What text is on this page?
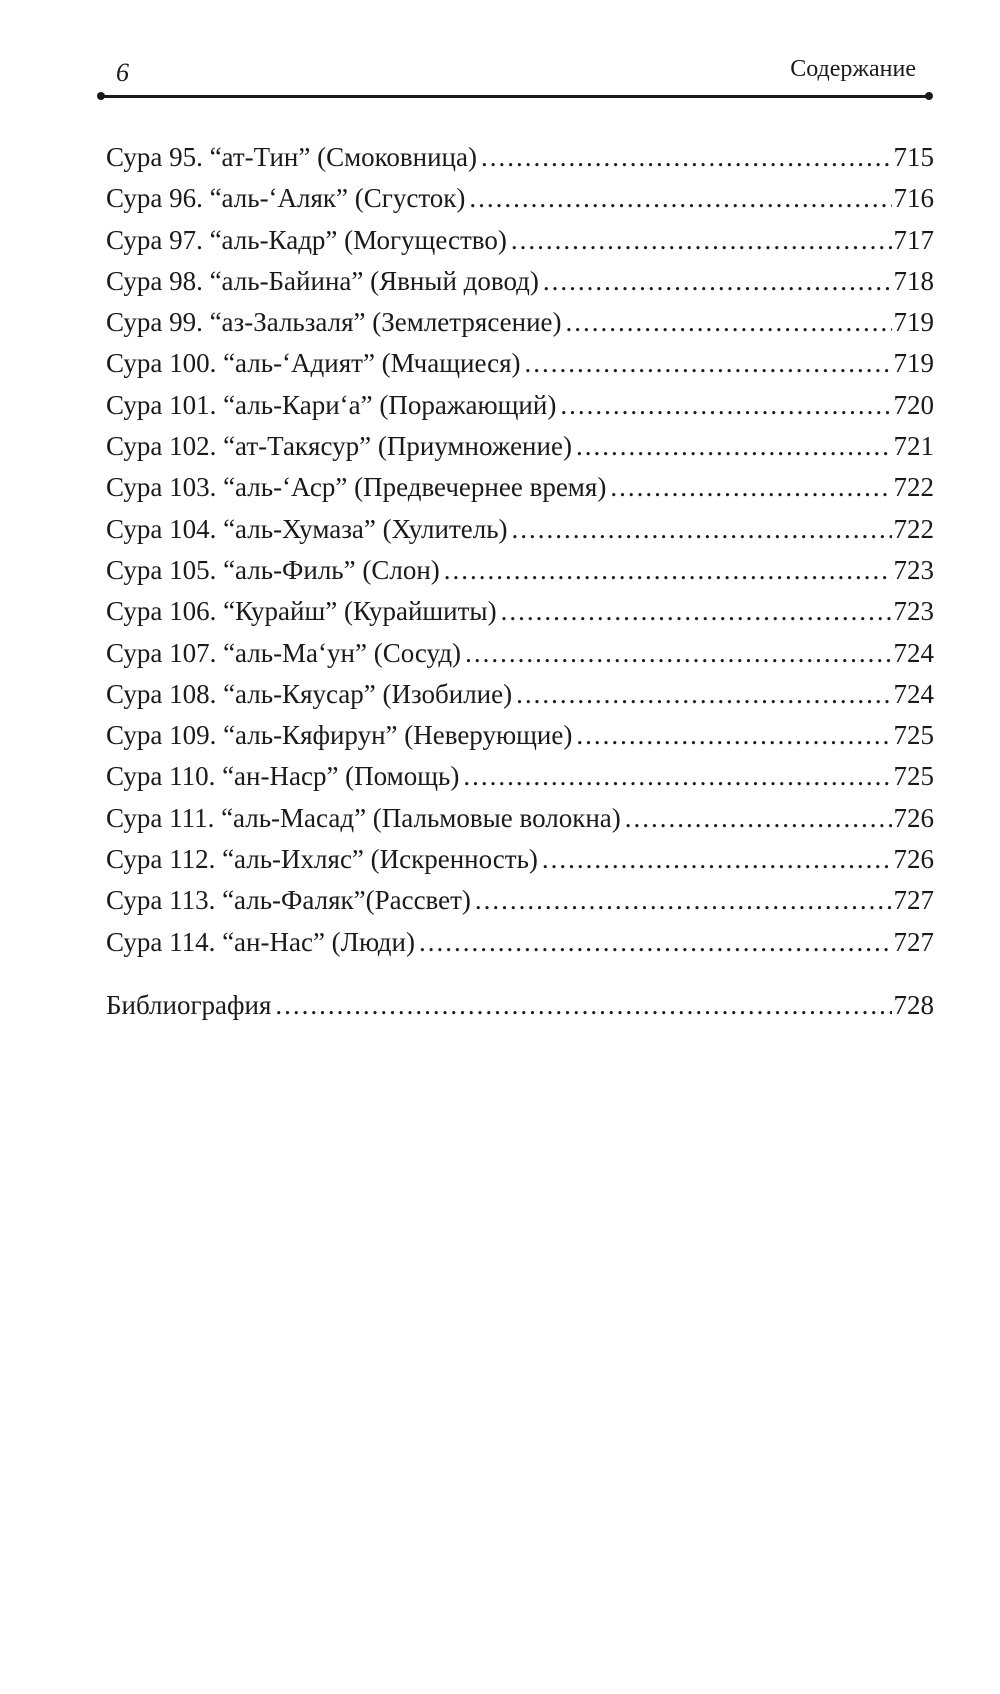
6	Содержание
Сура 95. “ат-Тин” (Смоковница) .....	715
Сура 96. “аль-‘Аляк” (Сгусток) .....	716
Сура 97. “аль-Кадр” (Могущество) .....	717
Сура 98. “аль-Байина” (Явный довод) .....	718
Сура 99. “аз-Зальзаля” (Землетрясение) .....	719
Сура 100. “аль-‘Адият” (Мчащиеся) .....	719
Сура 101. “аль-Кари‘а” (Поражающий) .....	720
Сура 102. “ат-Такясур” (Приумножение) .....	721
Сура 103. “аль-‘Аср” (Предвечернее время) .....	722
Сура 104. “аль-Хумаза” (Хулитель) .....	722
Сура 105. “аль-Филь” (Слон) .....	723
Сура 106. “Курайш” (Курайшиты) .....	723
Сура 107. “аль-Ма‘ун” (Сосуд) .....	724
Сура 108. “аль-Кяусар” (Изобилие) .....	724
Сура 109. “аль-Кяфирун” (Неверующие) .....	725
Сура 110. “ан-Наср” (Помощь) .....	725
Сура 111. “аль-Масад” (Пальмовые волокна) .....	726
Сура 112. “аль-Ихляс” (Искренность) .....	726
Сура 113. “аль-Фаляк”(Рассвет) .....	727
Сура 114. “ан-Нас” (Люди) .....	727
Библиография .....	728
